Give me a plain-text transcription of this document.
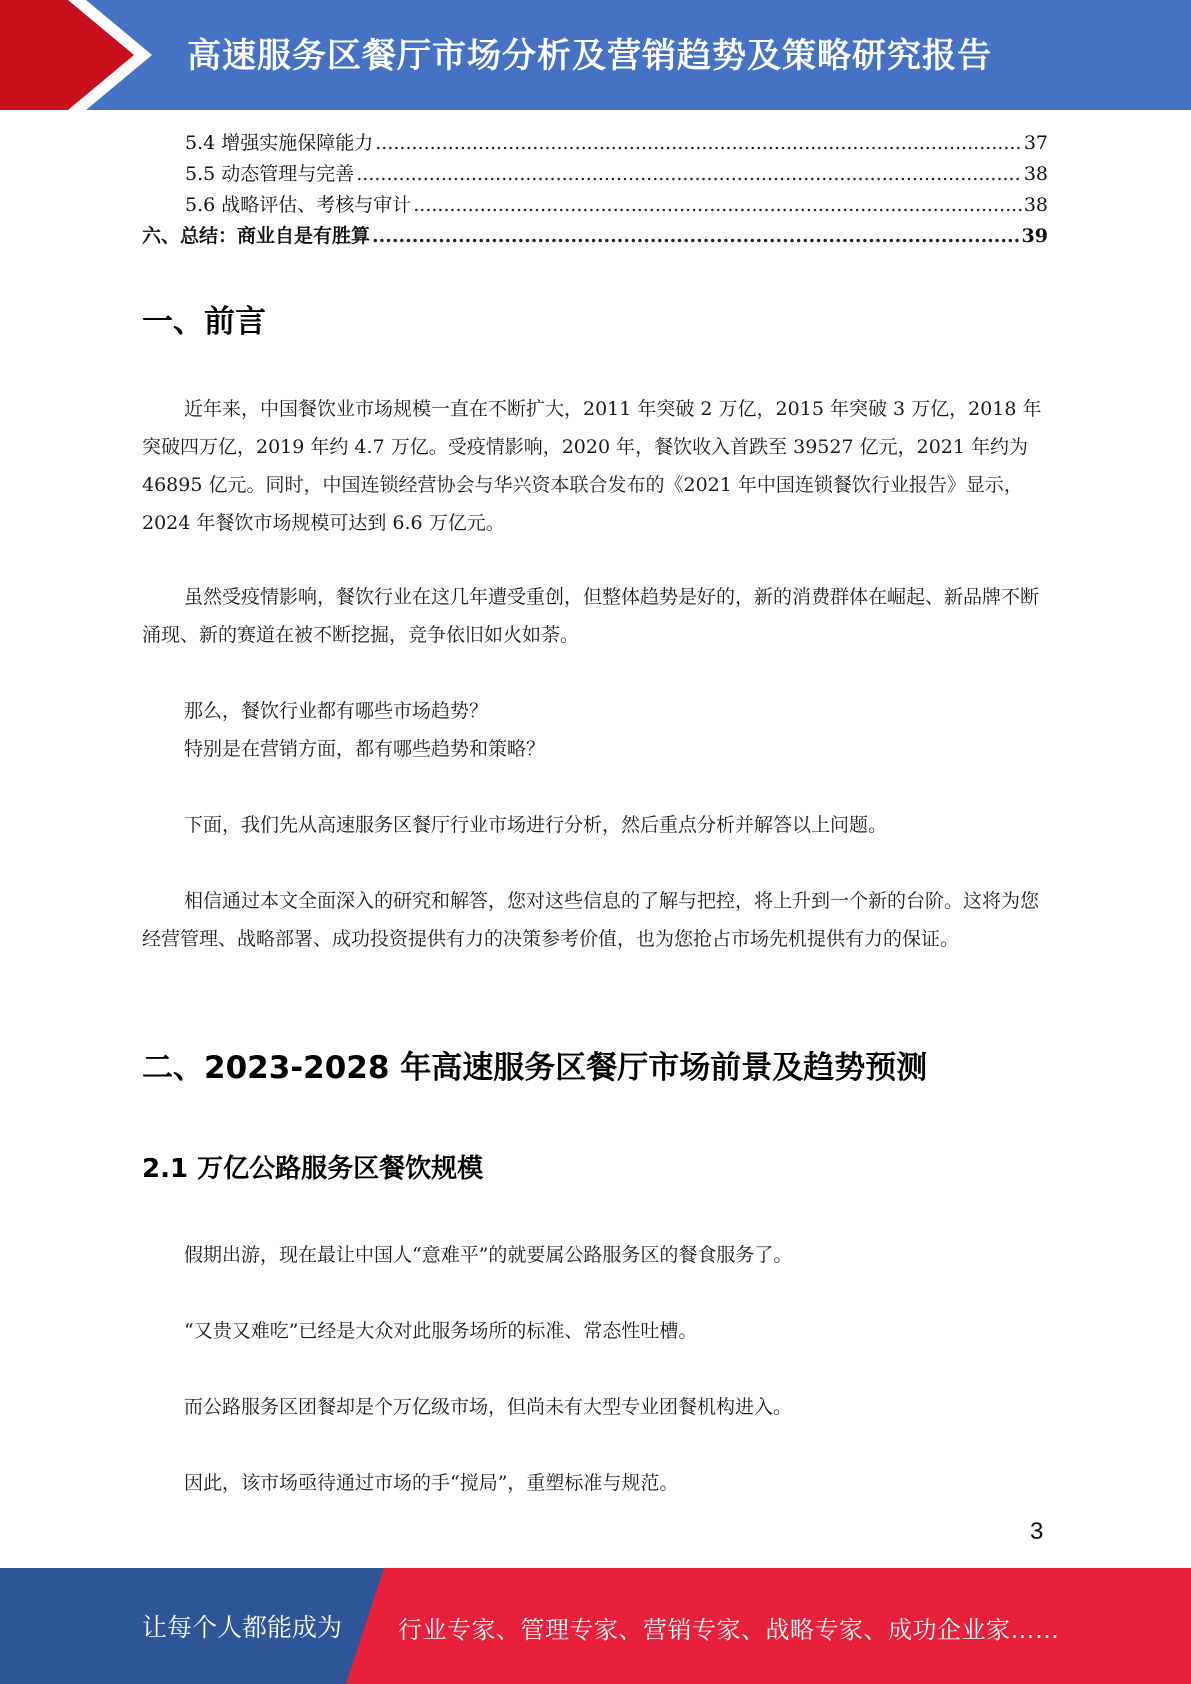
高速服务区餐厅市场分析及营销趋势及策略研究报告
5.4 增强实施保障能力 .....	37
5.5 动态管理与完善 .....	38
5.6 战略评估、考核与审计 .....	38
六、总结：商业自是有胜算 .....	39
一、前言

近年来，中国餐饮业市场规模一直在不断扩大，2011 年突破 2 万亿，2015 年突破 3 万亿，2018 年突破四万亿，2019 年约 4.7 万亿。受疫情影响，2020 年，餐饮收入首跌至 39527 亿元，2021 年约为 46895 亿元。同时，中国连锁经营协会与华兴资本联合发布的《2021 年中国连锁餐饮行业报告》显示，2024 年餐饮市场规模可达到 6.6 万亿元。

虽然受疫情影响，餐饮行业在这几年遭受重创，但整体趋势是好的，新的消费群体在崛起、新品牌不断涌现、新的赛道在被不断挖掘，竞争依旧如火如荼。

那么，餐饮行业都有哪些市场趋势？

特别是在营销方面，都有哪些趋势和策略？

下面，我们先从高速服务区餐厅行业市场进行分析，然后重点分析并解答以上问题。

相信通过本文全面深入的研究和解答，您对这些信息的了解与把控，将上升到一个新的台阶。这将为您经营管理、战略部署、成功投资提供有力的决策参考价值，也为您抢占市场先机提供有力的保证。

二、2023-2028 年高速服务区餐厅市场前景及趋势预测
2.1 万亿公路服务区餐饮规模

假期出游，现在最让中国人“意难平”的就要属公路服务区的餐食服务了。

“又贵又难吃”已经是大众对此服务场所的标准、常态性吐槽。

而公路服务区团餐却是个万亿级市场，但尚未有大型专业团餐机构进入。

因此，该市场亟待通过市场的手“搅局”，重塑标准与规范。

3
让每个人都能成为 行业专家、管理专家、营销专家、战略专家、成功企业家……
